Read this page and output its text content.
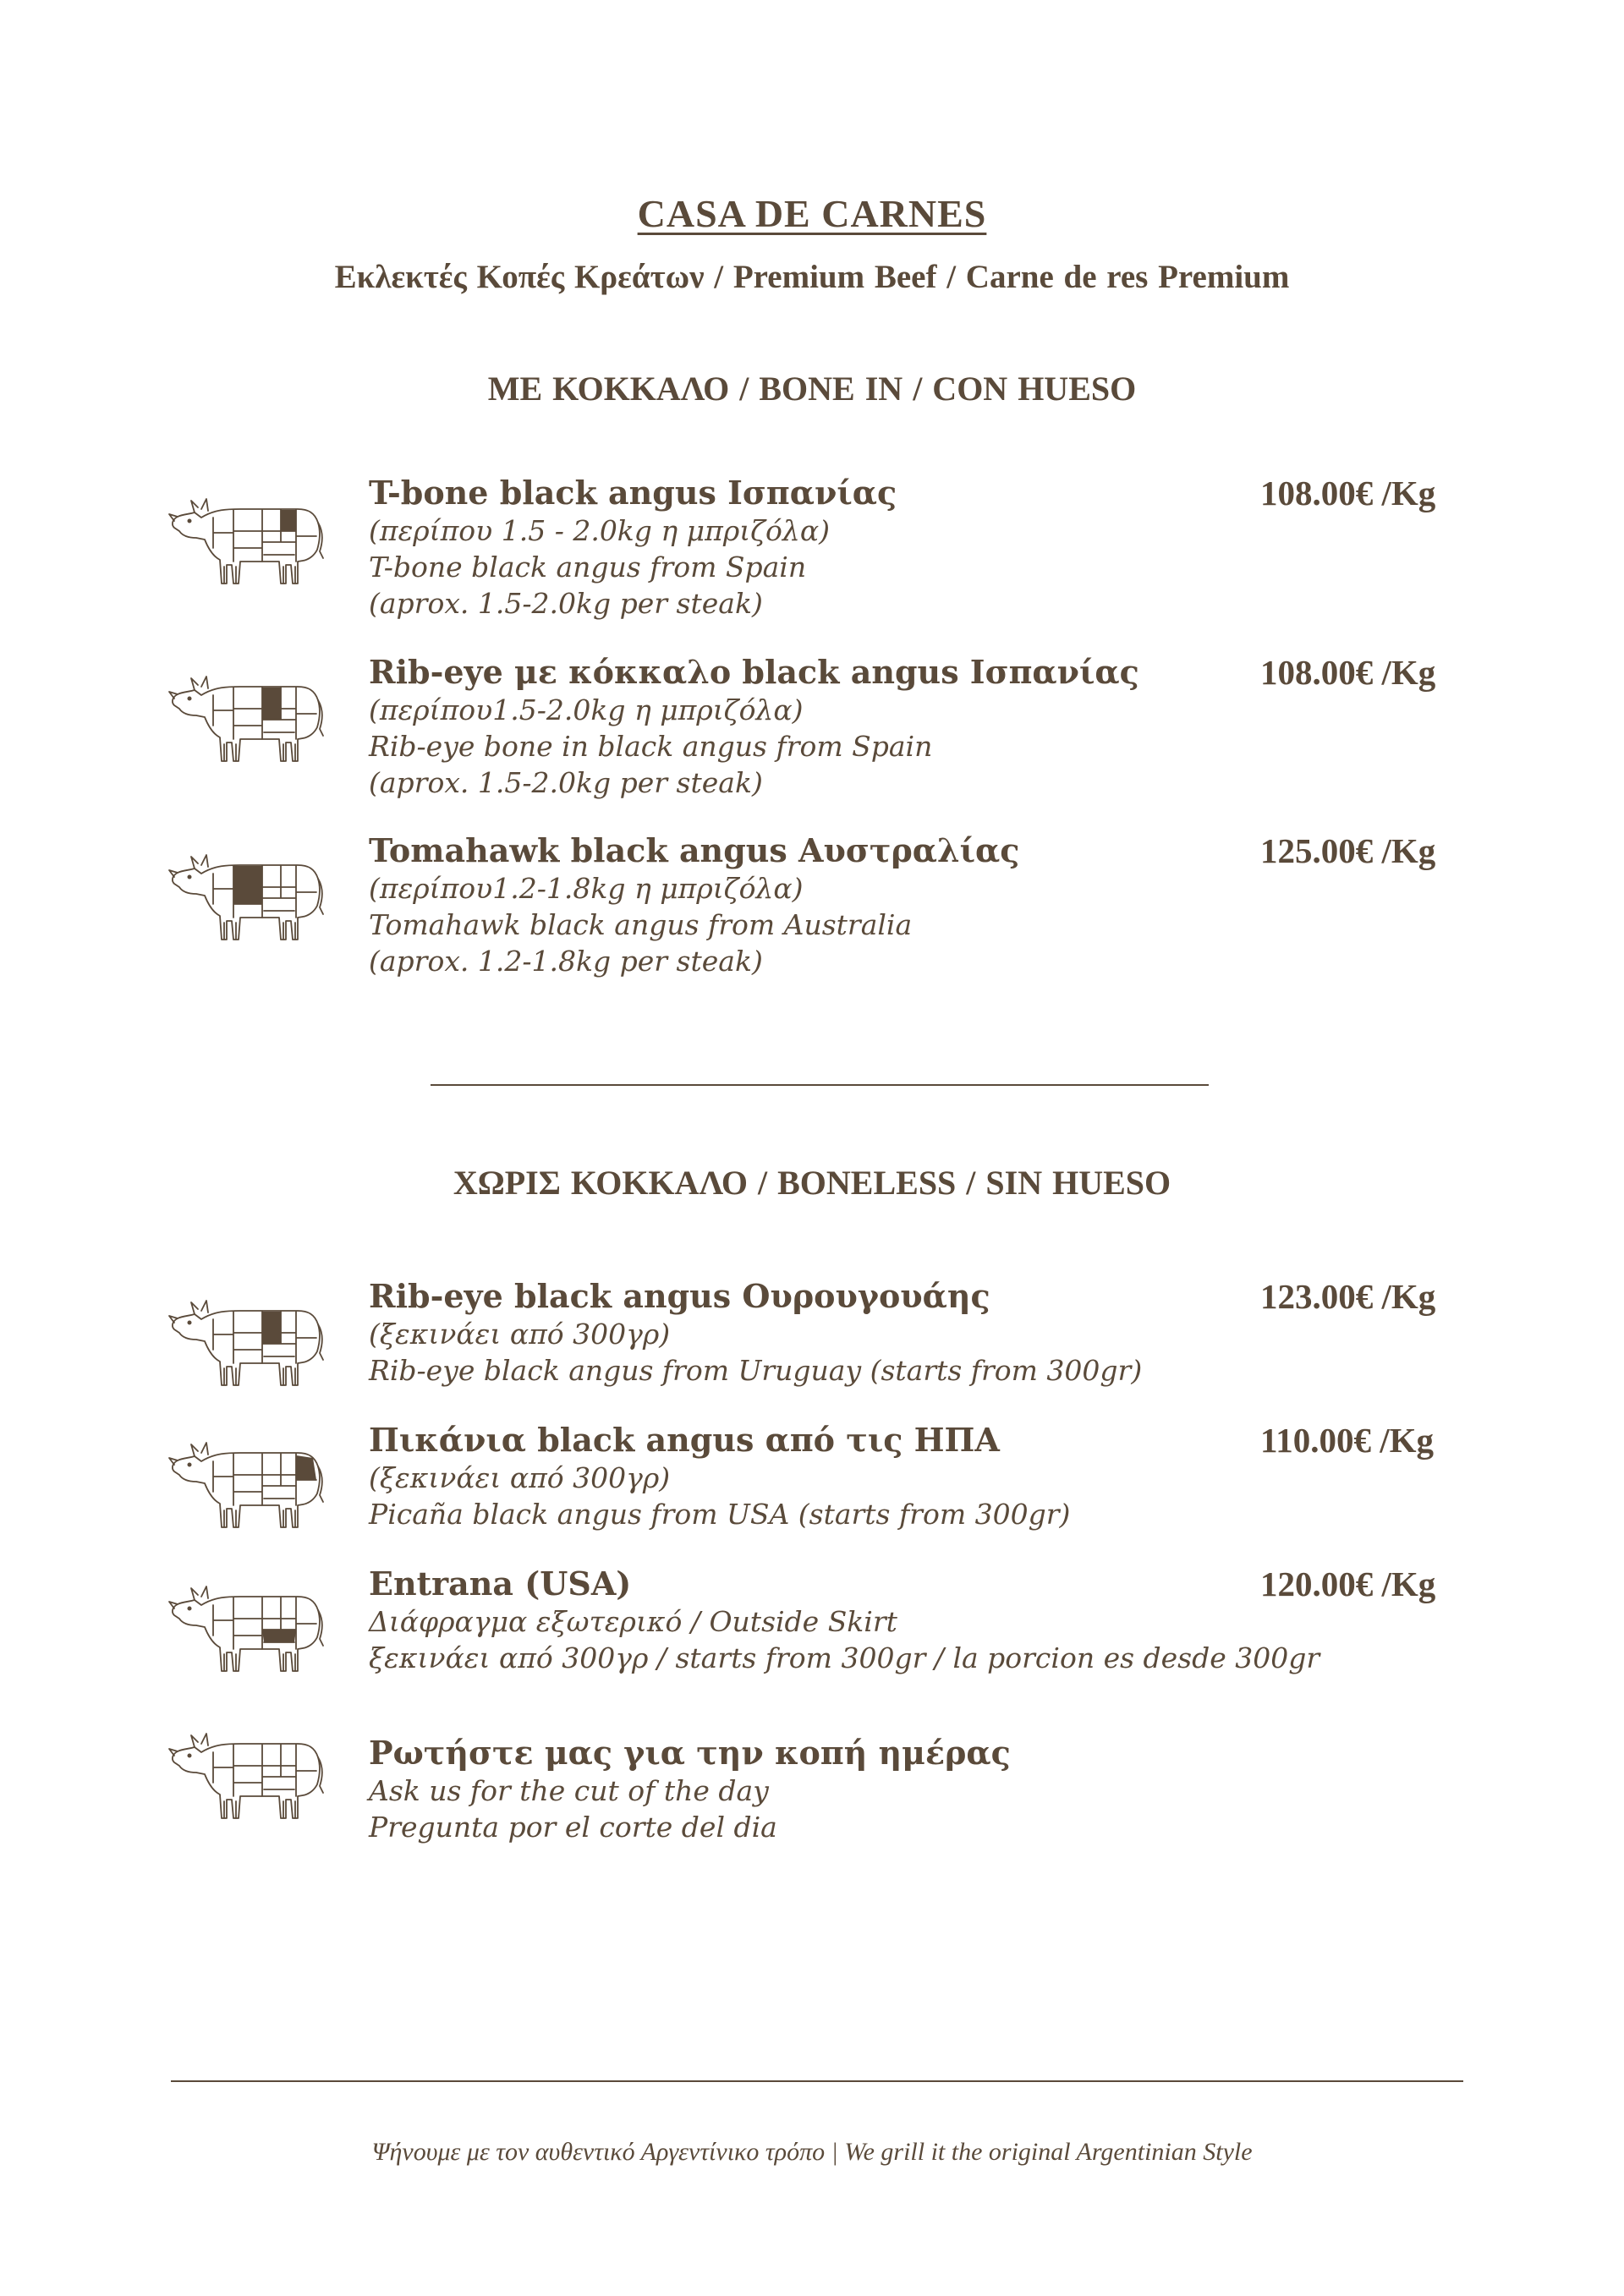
CASA DE CARNES
Εκλεκτές Κοπές Κρεάτων / Premium Beef / Carne de res Premium
ΜΕ ΚΟΚΚΑΛΟ / BONE IN / CON HUESO
T-bone black angus Ισπανίας
(περίπου 1.5 - 2.0kg η μπριζόλα)
T-bone black angus from Spain
(aprox. 1.5-2.0kg per steak)
108.00€ /Kg
Rib-eye με κόκκαλο black angus Ισπανίας
(περίπου1.5-2.0kg η μπριζόλα)
Rib-eye bone in black angus from Spain
(aprox. 1.5-2.0kg per steak)
108.00€ /Kg
Tomahawk black angus Αυστραλίας
(περίπου1.2-1.8kg η μπριζόλα)
Tomahawk black angus from Australia
(aprox. 1.2-1.8kg per steak)
125.00€ /Kg
ΧΩΡΙΣ ΚΟΚΚΑΛΟ / BONELESS / SIN HUESO
Rib-eye black angus Ουρουγουάης
(ξεκινάει από 300γρ)
Rib-eye black angus from Uruguay (starts from 300gr)
123.00€ /Kg
Πικάνια black angus από τις ΗΠΑ
(ξεκινάει από 300γρ)
Picaña black angus from USA (starts from 300gr)
110.00€ /Kg
Entrana (USA)
Διάφραγμα εξωτερικό / Outside Skirt
ξεκινάει από 300γρ / starts from 300gr / la porcion es desde 300gr
120.00€ /Kg
Ρωτήστε μας για την κοπή ημέρας
Ask us for the cut of the day
Pregunta por el corte del dia
Ψήνουμε με τον αυθεντικό Αργεντίνικο τρόπο | We grill it the original Argentinian Style
